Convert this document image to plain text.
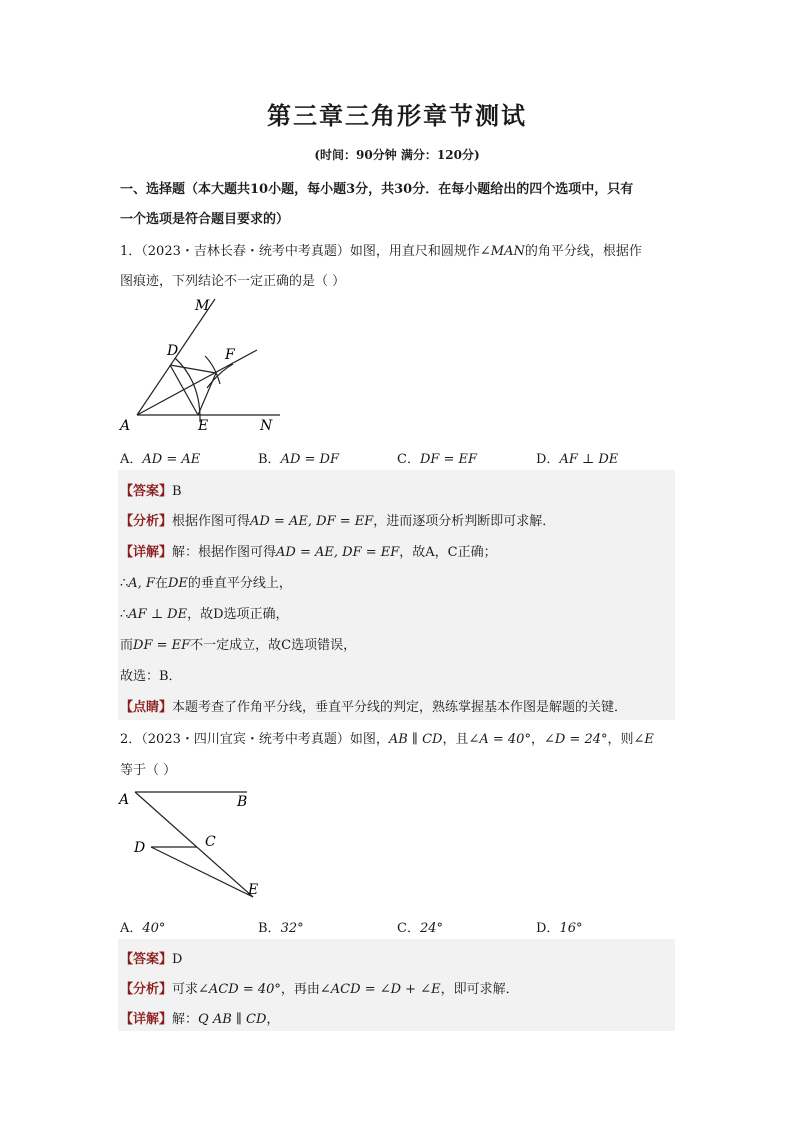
第三章三角形章节测试
(时间：90分钟 满分：120分)
一、选择题（本大题共10小题，每小题3分，共30分．在每小题给出的四个选项中，只有
一个选项是符合题目要求的）
1．（2023・吉林长春・统考中考真题）如图，用直尺和圆规作∠MAN的角平分线，根据作
图痕迹，下列结论不一定正确的是（ ）
M
D	F
A	E	N
A．AD = AE	B．AD = DF	C．DF = EF	D．AF ⊥ DE
【答案】B
【分析】根据作图可得AD = AE, DF = EF，进而逐项分析判断即可求解．
【详解】解：根据作图可得AD = AE, DF = EF，故A，C正确；
∴A, F在DE的垂直平分线上，
∴AF ⊥ DE，故D选项正确，
而DF = EF不一定成立，故C选项错误，
故选：B．
【点睛】本题考查了作角平分线，垂直平分线的判定，熟练掌握基本作图是解题的关键．
2．（2023・四川宜宾・统考中考真题）如图，AB ∥ CD，且∠A = 40°，∠D = 24°，则∠E
等于（ ）
A	B
C
D
E
A．40°	B．32°	C．24°	D．16°
【答案】D
【分析】可求∠ACD = 40°，再由∠ACD = ∠D + ∠E，即可求解．
【详解】解：Q AB ∥ CD，
